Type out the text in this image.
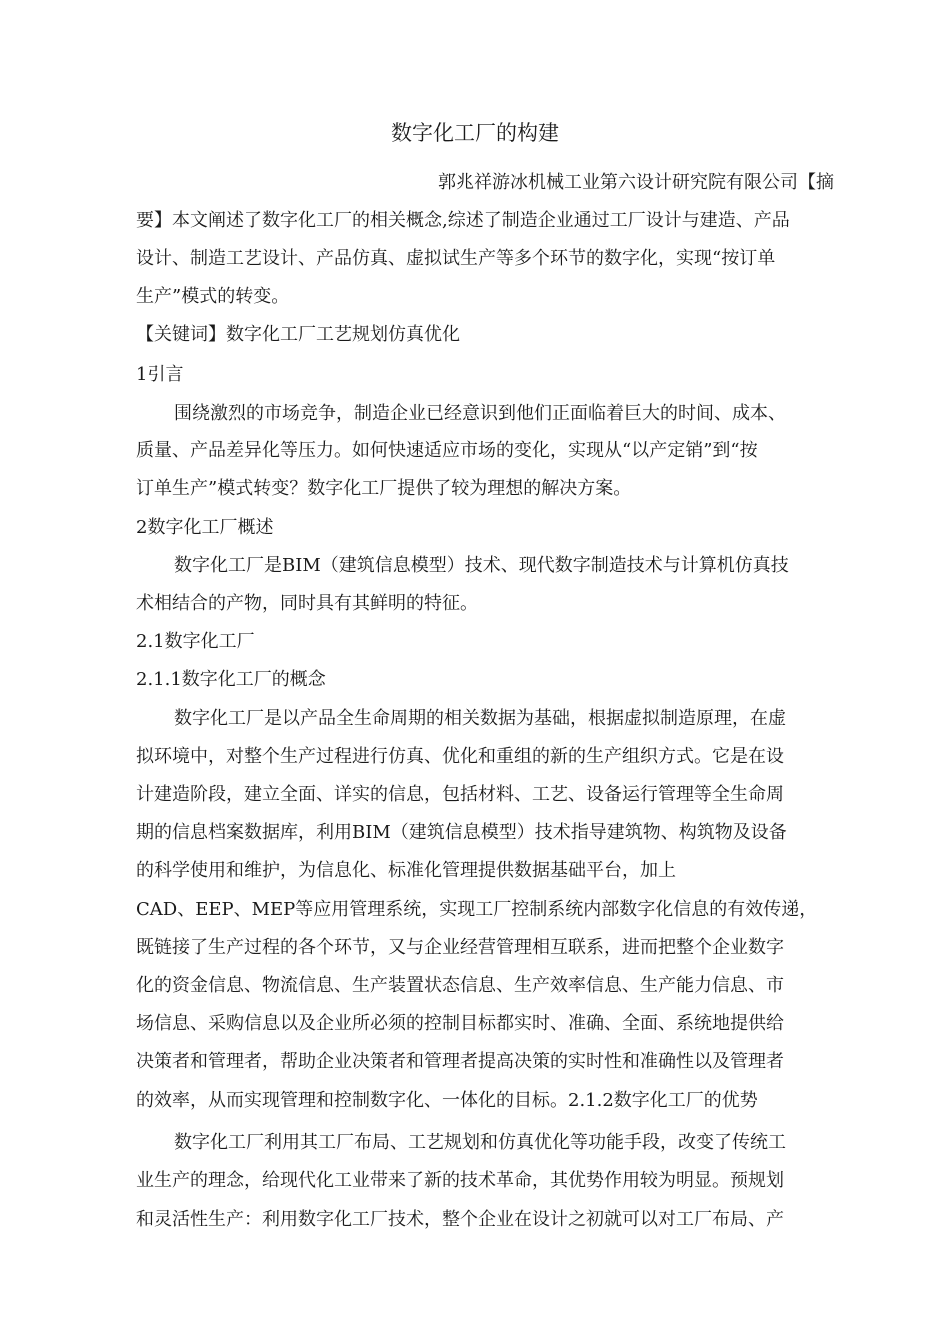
数字化工厂的构建
郭兆祥游冰机械工业第六设计研究院有限公司【摘
要】本文阐述了数字化工厂的相关概念,综述了制造企业通过工厂设计与建造、产品
设计、制造工艺设计、产品仿真、虚拟试生产等多个环节的数字化，实现“按订单
生产”模式的转变。
【关键词】数字化工厂工艺规划仿真优化
1引言
围绕激烈的市场竞争，制造企业已经意识到他们正面临着巨大的时间、成本、
质量、产品差异化等压力。如何快速适应市场的变化，实现从“以产定销”到“按
订单生产”模式转变？数字化工厂提供了较为理想的解决方案。
2数字化工厂概述
数字化工厂是BIM（建筑信息模型）技术、现代数字制造技术与计算机仿真技
术相结合的产物，同时具有其鲜明的特征。
2.1数字化工厂
2.1.1数字化工厂的概念
数字化工厂是以产品全生命周期的相关数据为基础，根据虚拟制造原理，在虚
拟环境中，对整个生产过程进行仿真、优化和重组的新的生产组织方式。它是在设
计建造阶段，建立全面、详实的信息，包括材料、工艺、设备运行管理等全生命周
期的信息档案数据库，利用BIM（建筑信息模型）技术指导建筑物、构筑物及设备
的科学使用和维护，为信息化、标准化管理提供数据基础平台，加上
CAD、EEP、MEP等应用管理系统，实现工厂控制系统内部数字化信息的有效传递，
既链接了生产过程的各个环节，又与企业经营管理相互联系，进而把整个企业数字
化的资金信息、物流信息、生产装置状态信息、生产效率信息、生产能力信息、市
场信息、采购信息以及企业所必须的控制目标都实时、准确、全面、系统地提供给
决策者和管理者，帮助企业决策者和管理者提高决策的实时性和准确性以及管理者
的效率，从而实现管理和控制数字化、一体化的目标。2.1.2数字化工厂的优势
数字化工厂利用其工厂布局、工艺规划和仿真优化等功能手段，改变了传统工
业生产的理念，给现代化工业带来了新的技术革命，其优势作用较为明显。预规划
和灵活性生产：利用数字化工厂技术，整个企业在设计之初就可以对工厂布局、产
